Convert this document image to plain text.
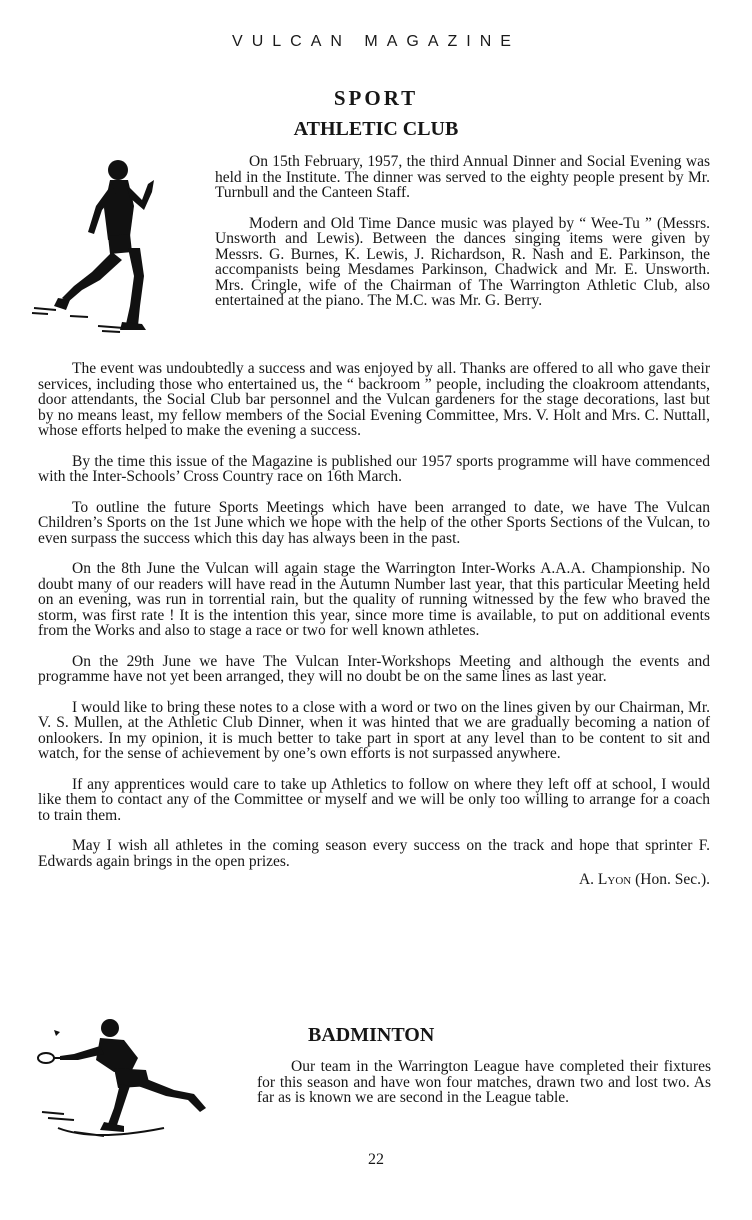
VULCAN MAGAZINE
SPORT
ATHLETIC CLUB

On 15th February, 1957, the third Annual Dinner and Social Evening was held in the Institute. The dinner was served to the eighty people present by Mr. Turnbull and the Canteen Staff.

Modern and Old Time Dance music was played by “ Wee-Tu ” (Messrs. Unsworth and Lewis). Between the dances singing items were given by Messrs. G. Burnes, K. Lewis, J. Richardson, R. Nash and E. Parkinson, the accompanists being Mesdames Parkinson, Chadwick and Mr. E. Unsworth. Mrs. Cringle, wife of the Chairman of The Warrington Athletic Club, also entertained at the piano. The M.C. was Mr. G. Berry.

The event was undoubtedly a success and was enjoyed by all. Thanks are offered to all who gave their services, including those who entertained us, the “ backroom ” people, including the cloakroom attendants, door attendants, the Social Club bar personnel and the Vulcan gardeners for the stage decorations, last but by no means least, my fellow members of the Social Evening Committee, Mrs. V. Holt and Mrs. C. Nuttall, whose efforts helped to make the evening a success.

By the time this issue of the Magazine is published our 1957 sports programme will have commenced with the Inter-Schools’ Cross Country race on 16th March.

To outline the future Sports Meetings which have been arranged to date, we have The Vulcan Children’s Sports on the 1st June which we hope with the help of the other Sports Sections of the Vulcan, to even surpass the success which this day has always been in the past.

On the 8th June the Vulcan will again stage the Warrington Inter-Works A.A.A. Championship. No doubt many of our readers will have read in the Autumn Number last year, that this particular Meeting held on an evening, was run in torrential rain, but the quality of running witnessed by the few who braved the storm, was first rate ! It is the intention this year, since more time is available, to put on additional events from the Works and also to stage a race or two for well known athletes.

On the 29th June we have The Vulcan Inter-Workshops Meeting and although the events and programme have not yet been arranged, they will no doubt be on the same lines as last year.

I would like to bring these notes to a close with a word or two on the lines given by our Chairman, Mr. V. S. Mullen, at the Athletic Club Dinner, when it was hinted that we are gradually becoming a nation of onlookers. In my opinion, it is much better to take part in sport at any level than to be content to sit and watch, for the sense of achievement by one’s own efforts is not surpassed anywhere.

If any apprentices would care to take up Athletics to follow on where they left off at school, I would like them to contact any of the Committee or myself and we will be only too willing to arrange for a coach to train them.

May I wish all athletes in the coming season every success on the track and hope that sprinter F. Edwards again brings in the open prizes.

A. Lyon (Hon. Sec.).
BADMINTON

Our team in the Warrington League have completed their fixtures for this season and have won four matches, drawn two and lost two. As far as is known we are second in the League table.

22
